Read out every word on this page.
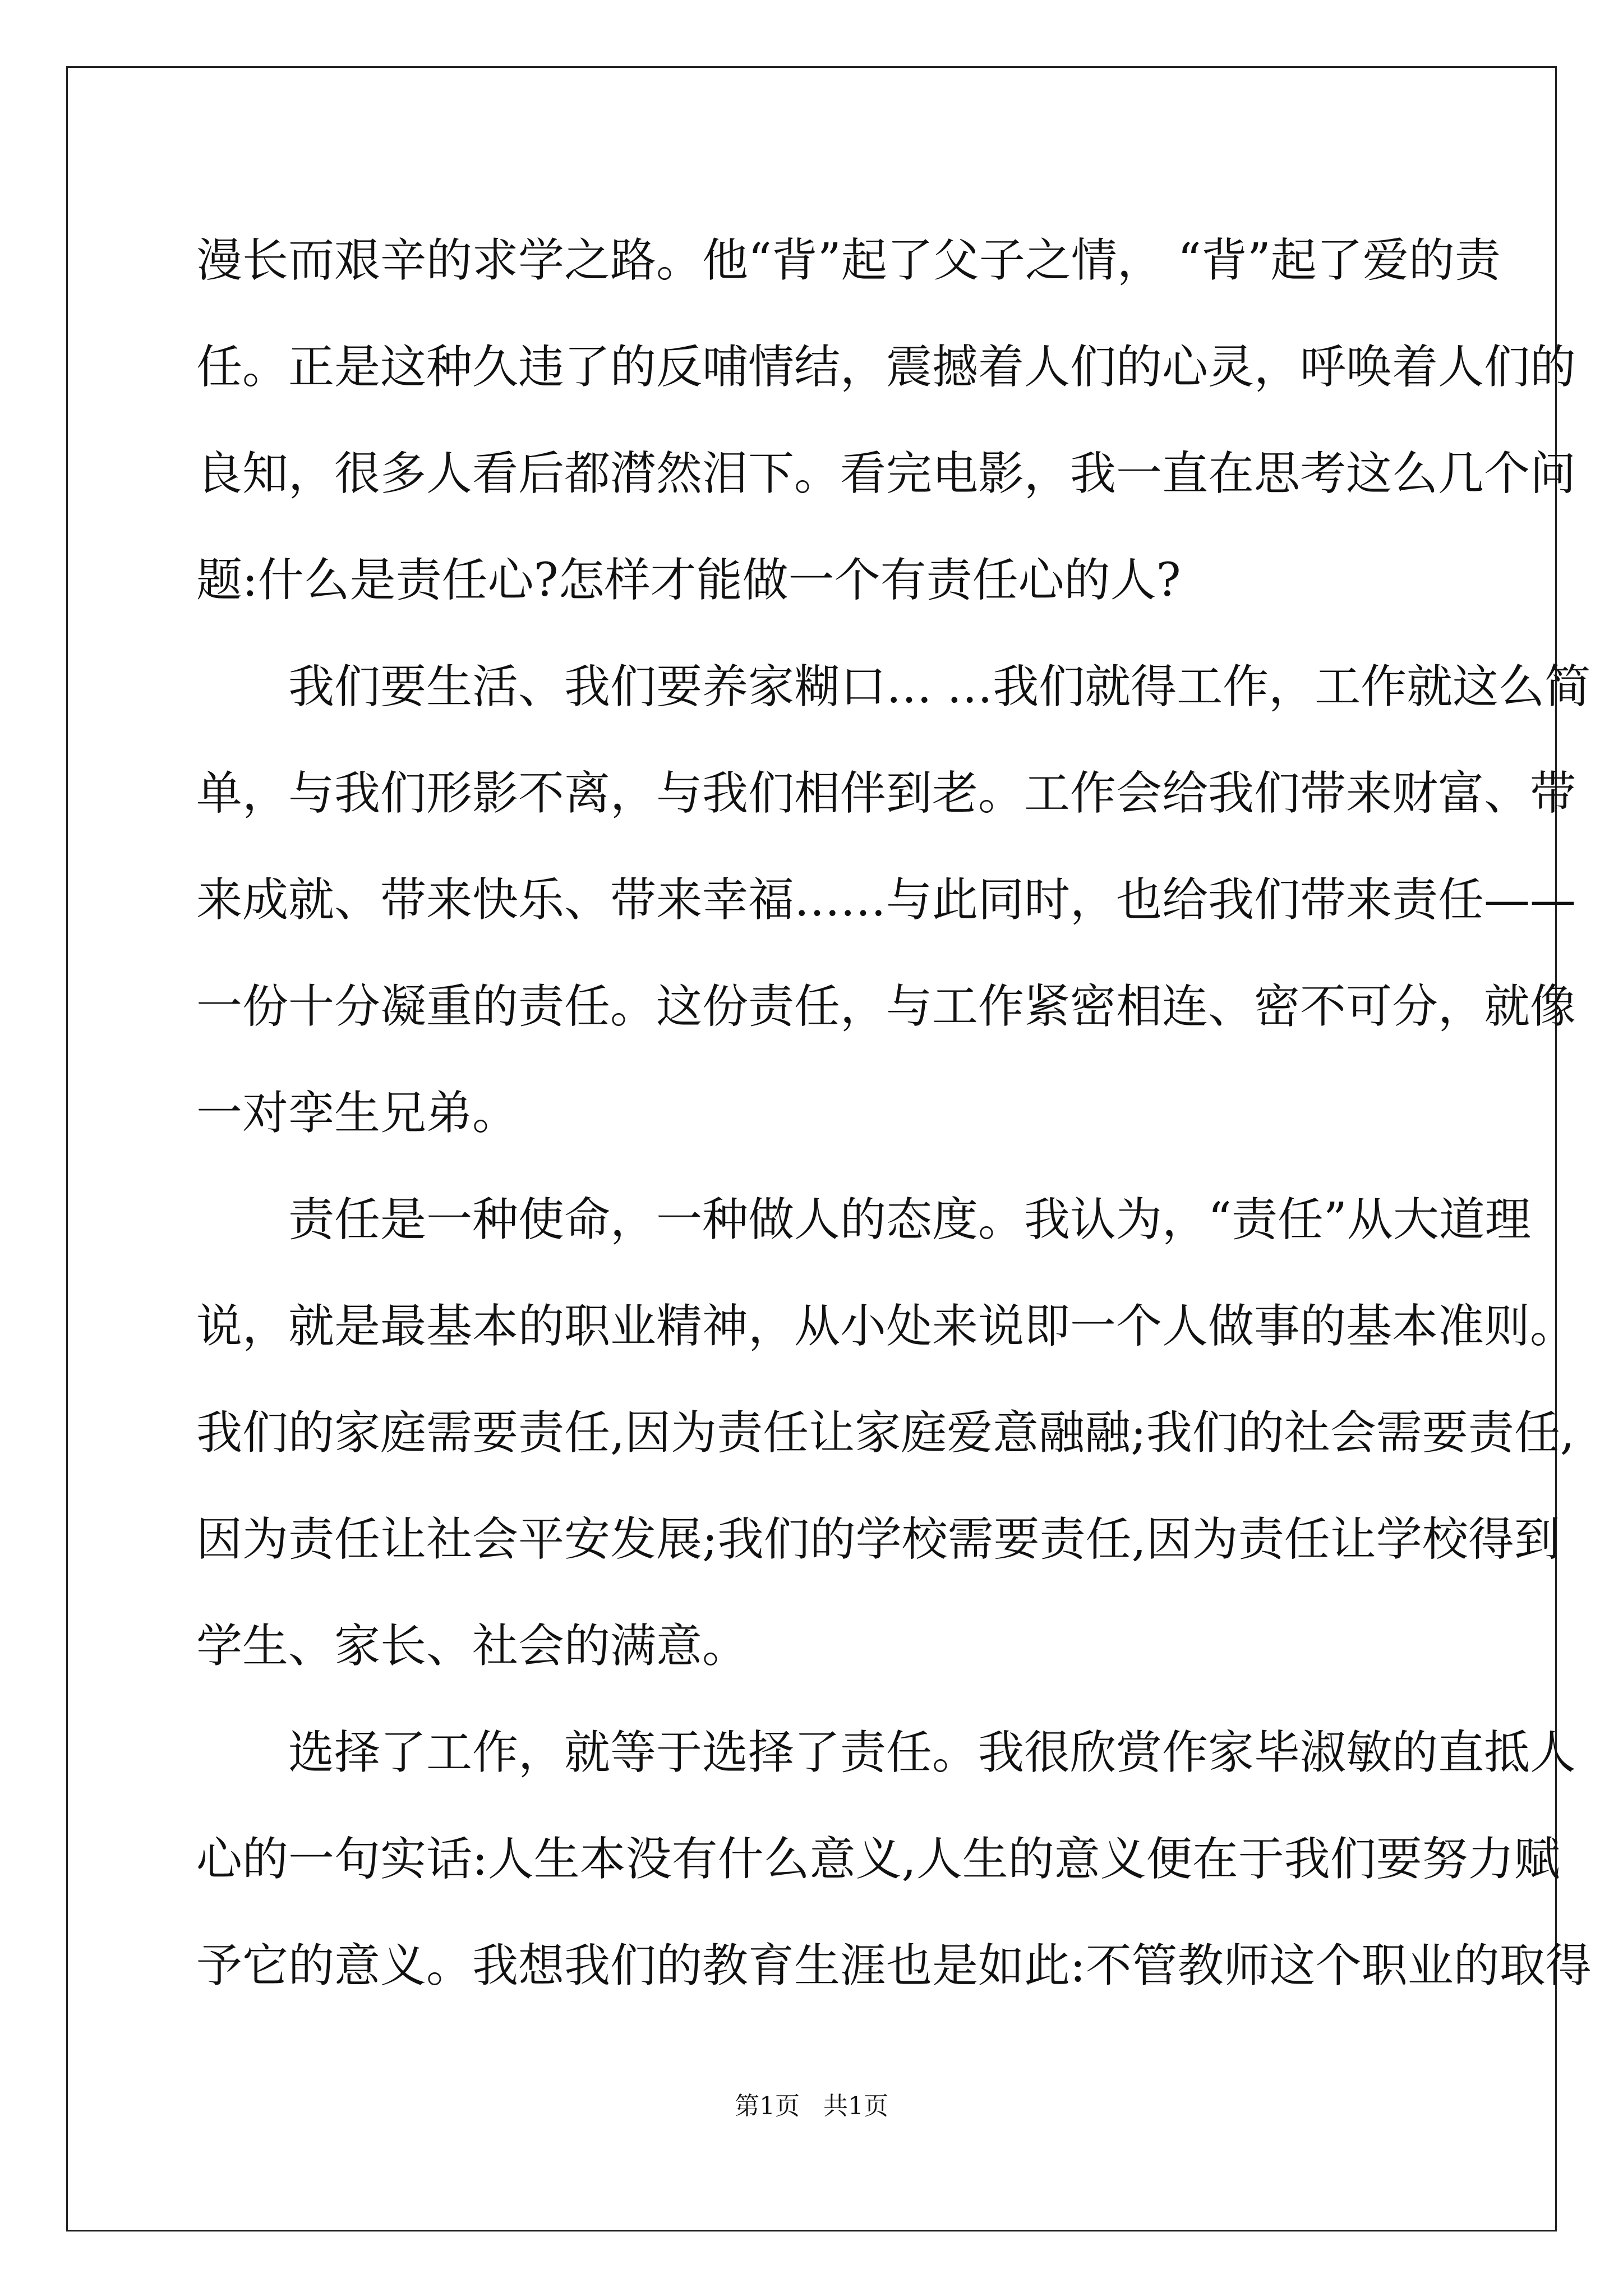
漫长而艰辛的求学之路。他“背”起了父子之情， “背”起了爱的责
任。正是这种久违了的反哺情结，震撼着人们的心灵，呼唤着人们的
良知，很多人看后都潸然泪下。看完电影，我一直在思考这么几个问
题:什么是责任心?怎样才能做一个有责任心的人?
我们要生活、我们要养家糊口… …我们就得工作，工作就这么简
单，与我们形影不离，与我们相伴到老。工作会给我们带来财富、带
来成就、带来快乐、带来幸福……与此同时，也给我们带来责任——
一份十分凝重的责任。这份责任，与工作紧密相连、密不可分，就像
一对孪生兄弟。
责任是一种使命，一种做人的态度。我认为，“责任”从大道理
说，就是最基本的职业精神，从小处来说即一个人做事的基本准则。
我们的家庭需要责任,因为责任让家庭爱意融融;我们的社会需要责任,
因为责任让社会平安发展;我们的学校需要责任,因为责任让学校得到
学生、家长、社会的满意。
选择了工作，就等于选择了责任。我很欣赏作家毕淑敏的直抵人
心的一句实话:人生本没有什么意义,人生的意义便在于我们要努力赋
予它的意义。我想我们的教育生涯也是如此:不管教师这个职业的取得
第1页 共1页
